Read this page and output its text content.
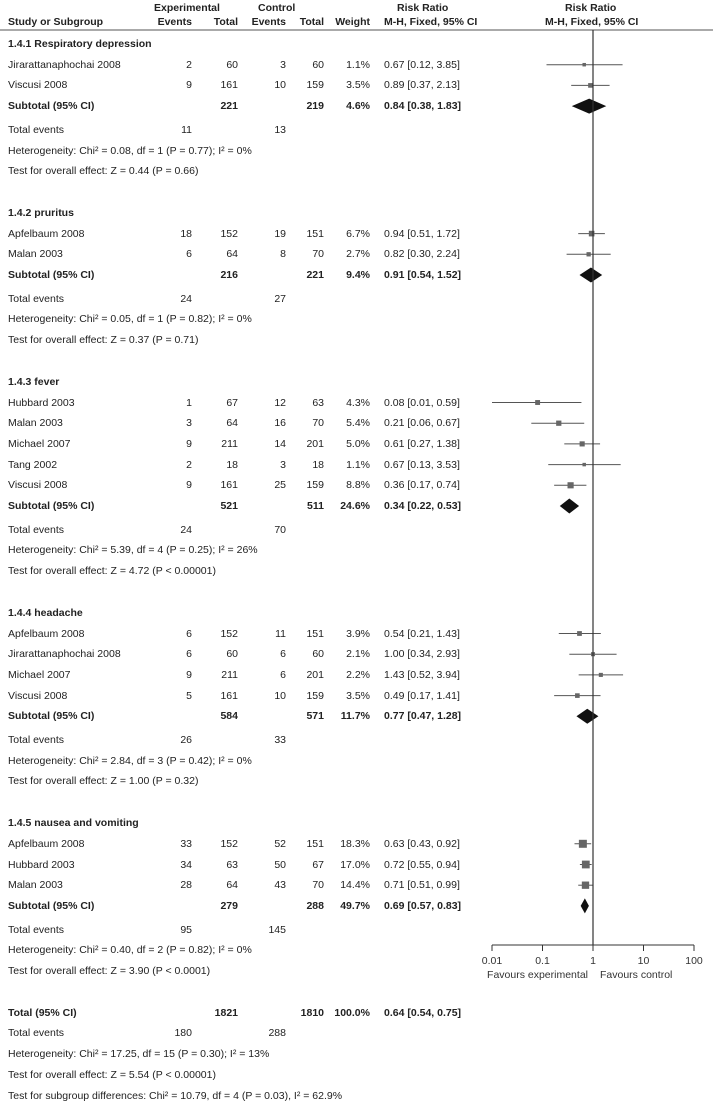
Experimental	Control	Risk Ratio	Risk Ratio
Study or Subgroup	Events	Total	Events	Total	Weight M-H, Fixed, 95% CI	M-H, Fixed, 95% CI
1.4.1 Respiratory depression
Jirarattanaphochai 2008	2	60	3	60	1.1% 0.67 [0.12, 3.85]
Viscusi 2008	9	161	10	159	3.5% 0.89 [0.37, 2.13]
Subtotal (95% CI)	221	219	4.6% 0.84 [0.38, 1.83]
Total events	11	13
Heterogeneity: Chi² = 0.08, df = 1 (P = 0.77); I² = 0%
Test for overall effect: Z = 0.44 (P = 0.66)
1.4.2 pruritus
Apfelbaum 2008	18	152	19	151	6.7% 0.94 [0.51, 1.72]
Malan 2003	6	64	8	70	2.7% 0.82 [0.30, 2.24]
Subtotal (95% CI)	216	221	9.4% 0.91 [0.54, 1.52]
Total events	24	27
Heterogeneity: Chi² = 0.05, df = 1 (P = 0.82); I² = 0%
Test for overall effect: Z = 0.37 (P = 0.71)
1.4.3 fever
Hubbard 2003	1	67	12	63	4.3% 0.08 [0.01, 0.59]
Malan 2003	3	64	16	70	5.4% 0.21 [0.06, 0.67]
Michael 2007	9	211	14	201	5.0% 0.61 [0.27, 1.38]
Tang 2002	2	18	3	18	1.1% 0.67 [0.13, 3.53]
Viscusi 2008	9	161	25	159	8.8% 0.36 [0.17, 0.74]
Subtotal (95% CI)	521	511	24.6% 0.34 [0.22, 0.53]
Total events	24	70
Heterogeneity: Chi² = 5.39, df = 4 (P = 0.25); I² = 26%
Test for overall effect: Z = 4.72 (P < 0.00001)
1.4.4 headache
Apfelbaum 2008	6	152	11	151	3.9% 0.54 [0.21, 1.43]
Jirarattanaphochai 2008	6	60	6	60	2.1% 1.00 [0.34, 2.93]
Michael 2007	9	211	6	201	2.2% 1.43 [0.52, 3.94]
Viscusi 2008	5	161	10	159	3.5% 0.49 [0.17, 1.41]
Subtotal (95% CI)	584	571	11.7% 0.77 [0.47, 1.28]
Total events	26	33
Heterogeneity: Chi² = 2.84, df = 3 (P = 0.42); I² = 0%
Test for overall effect: Z = 1.00 (P = 0.32)
1.4.5 nausea and vomiting
Apfelbaum 2008	33	152	52	151	18.3% 0.63 [0.43, 0.92]
Hubbard 2003	34	63	50	67	17.0% 0.72 [0.55, 0.94]
Malan 2003	28	64	43	70	14.4% 0.71 [0.51, 0.99]
Subtotal (95% CI)	279	288	49.7% 0.69 [0.57, 0.83]
Total events	95	145
Heterogeneity: Chi² = 0.40, df = 2 (P = 0.82); I² = 0%
Test for overall effect: Z = 3.90 (P < 0.0001)
Total (95% CI)	1821	1810 100.0% 0.64 [0.54, 0.75]
Total events	180	288
Heterogeneity: Chi² = 17.25, df = 15 (P = 0.30); I² = 13%
Test for overall effect: Z = 5.54 (P < 0.00001)
Test for subgroup differences: Chi² = 10.79, df = 4 (P = 0.03), I² = 62.9%
0.01	0.1	1	10	100
Favours experimental Favours control
